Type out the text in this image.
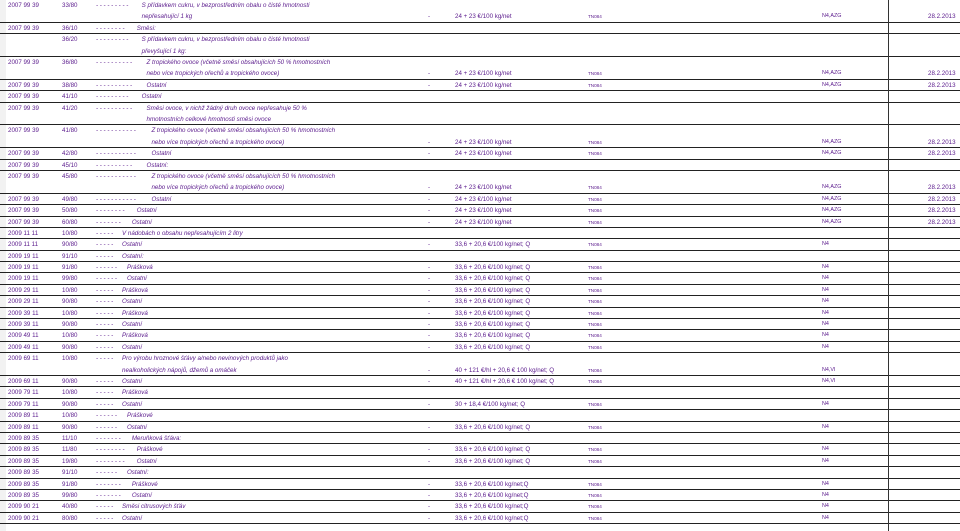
2007 99 39	33/80	- - - - - - - - - S přídavkem cukru, v bezprostředním obalu o čisté hmotnosti
nepřesahující 1 kg	-	24 + 23 €/100 kg/net	TN084	N4,AZG	28.2.2013
2007 99 39	36/10	- - - - - - - - Směsi:
36/20	- - - - - - - - - S přídavkem cukru, v bezprostředním obalu o čisté hmotnosti
převyšující 1 kg:
2007 99 39	36/80	- - - - - - - - - - Z tropického ovoce (včetně směsí obsahujících 50 % hmotnostních
nebo více tropických ořechů a tropického ovoce)	-	24 + 23 €/100 kg/net	TN084	N4,AZG	28.2.2013
2007 99 39	38/80	- - - - - - - - - - Ostatní	-	24 + 23 €/100 kg/net	TN084	N4,AZG	28.2.2013
2007 99 39	41/10	- - - - - - - - - Ostatní
2007 99 39	41/20	- - - - - - - - - - Směsi ovoce, v nichž žádný druh ovoce nepřesahuje 50 %
hmotnostních celkové hmotnosti směsi ovoce
2007 99 39	41/80	- - - - - - - - - - -	Z tropického ovoce (včetně směsí obsahujících 50 % hmotnostních
nebo více tropických ořechů a tropického ovoce)	-	24 + 23 €/100 kg/net	TN084	N4,AZG	28.2.2013
2007 99 39	42/80	- - - - - - - - - - -	Ostatní	-	24 + 23 €/100 kg/net	TN084	N4,AZG	28.2.2013
2007 99 39	45/10	- - - - - - - - - - Ostatní:
2007 99 39	45/80	- - - - - - - - - - -	Z tropického ovoce (včetně směsí obsahujících 50 % hmotnostních
nebo více tropických ořechů a tropického ovoce)	-	24 + 23 €/100 kg/net	TN084	N4,AZG	28.2.2013
2007 99 39	49/80	- - - - - - - - - - -	Ostatní	-	24 + 23 €/100 kg/net	TN084	N4,AZG	28.2.2013
2007 99 39	50/80	- - - - - - - - Ostatní	-	24 + 23 €/100 kg/net	TN084	N4,AZG	28.2.2013
2007 99 39	60/80	- - - - - - - Ostatní	-	24 + 23 €/100 kg/net	TN084	N4,AZG	28.2.2013
2009 11 11	10/80	- - - - - V nádobách o obsahu nepřesahujícím 2 litry
2009 11 11	90/80	- - - - - Ostatní	-	33,6 + 20,6 €/100 kg/net; Q	TN084	N4
2009 19 11	91/10	- - - - - Ostatní:
2009 19 11	91/80	- - - - - - Prášková	-	33,6 + 20,6 €/100 kg/net; Q	TN084	N4
2009 19 11	99/80	- - - - - - Ostatní	-	33,6 + 20,6 €/100 kg/net; Q	TN084	N4
2009 29 11	10/80	- - - - - Prášková	-	33,6 + 20,6 €/100 kg/net; Q	TN084	N4
2009 29 11	90/80	- - - - - Ostatní	-	33,6 + 20,6 €/100 kg/net; Q	TN084	N4
2009 39 11	10/80	- - - - - Prášková	-	33,6 + 20,6 €/100 kg/net; Q	TN084	N4
2009 39 11	90/80	- - - - - Ostatní	-	33,6 + 20,6 €/100 kg/net; Q	TN084	N4
2009 49 11	10/80	- - - - - Prášková	-	33,6 + 20,6 €/100 kg/net; Q	TN084	N4
2009 49 11	90/80	- - - - - Ostatní	-	33,6 + 20,6 €/100 kg/net; Q	TN084	N4
2009 69 11	10/80	- - - - - Pro výrobu hroznové šťávy a/nebo nevinových produktů jako
nealkoholických nápojů, džemů a omáček	-	40 + 121 €/hl + 20,6 € 100 kg/net; Q	TN084	N4,VI
2009 69 11	90/80	- - - - - Ostatní	-	40 + 121 €/hl + 20,6 € 100 kg/net; Q	TN084	N4,VI
2009 79 11	10/80	- - - - - Prášková
2009 79 11	90/80	- - - - - Ostatní	-	30 + 18,4 €/100 kg/net; Q	TN084	N4
2009 89 11	10/80	- - - - - - Práškové
2009 89 11	90/80	- - - - - - Ostatní	-	33,6 + 20,6 €/100 kg/net; Q	TN084	N4
2009 89 35	11/10	- - - - - - - Meruňková šťáva:
2009 89 35	11/80	- - - - - - - - Práškové	-	33,6 + 20,6 €/100 kg/net; Q	TN084	N4
2009 89 35	19/80	- - - - - - - - Ostatní	-	33,6 + 20,6 €/100 kg/net; Q	TN084	N4
2009 89 35	91/10	- - - - - - Ostatní:
2009 89 35	91/80	- - - - - - - Práškové	-	33,6 + 20,6 €/100 kg/net;Q	TN084	N4
2009 89 35	99/80	- - - - - - - Ostatní	-	33,6 + 20,6 €/100 kg/net;Q	TN084	N4
2009 90 21	40/80	- - - - - Směsi citrusových šťáv	-	33,6 + 20,6 €/100 kg/net;Q	TN084	N4
2009 90 21	80/80	- - - - - Ostatní	-	33,6 + 20,6 €/100 kg/net;Q	TN084	N4
